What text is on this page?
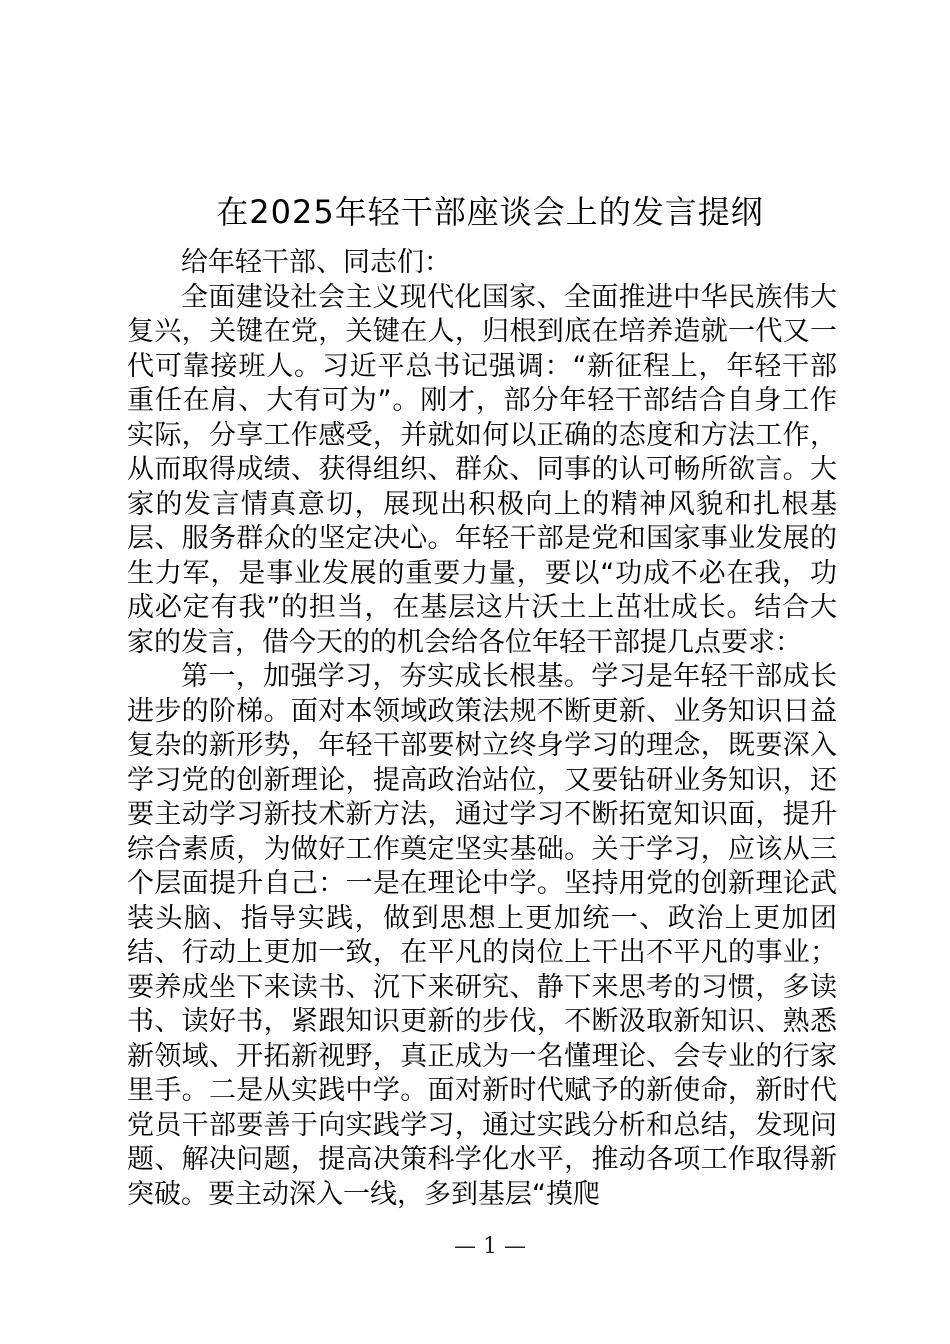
在2025年轻干部座谈会上的发言提纲

给年轻干部、同志们：

全面建设社会主义现代化国家、全面推进中华民族伟大复兴，关键在党，关键在人，归根到底在培养造就一代又一代可靠接班人。习近平总书记强调：“新征程上，年轻干部重任在肩、大有可为”。刚才，部分年轻干部结合自身工作实际，分享工作感受，并就如何以正确的态度和方法工作，从而取得成绩、获得组织、群众、同事的认可畅所欲言。大家的发言情真意切，展现出积极向上的精神风貌和扎根基层、服务群众的坚定决心。年轻干部是党和国家事业发展的生力军，是事业发展的重要力量，要以“功成不必在我，功成必定有我”的担当，在基层这片沃土上茁壮成长。结合大家的发言，借今天的的机会给各位年轻干部提几点要求：

第一，加强学习，夯实成长根基。学习是年轻干部成长进步的阶梯。面对本领域政策法规不断更新、业务知识日益复杂的新形势，年轻干部要树立终身学习的理念，既要深入学习党的创新理论，提高政治站位，又要钻研业务知识，还要主动学习新技术新方法，通过学习不断拓宽知识面，提升综合素质，为做好工作奠定坚实基础。关于学习，应该从三个层面提升自己：一是在理论中学。坚持用党的创新理论武装头脑、指导实践，做到思想上更加统一、政治上更加团结、行动上更加一致，在平凡的岗位上干出不平凡的事业；要养成坐下来读书、沉下来研究、静下来思考的习惯，多读书、读好书，紧跟知识更新的步伐，不断汲取新知识、熟悉新领域、开拓新视野，真正成为一名懂理论、会专业的行家里手。二是从实践中学。面对新时代赋予的新使命，新时代党员干部要善于向实践学习，通过实践分析和总结，发现问题、解决问题，提高决策科学化水平，推动各项工作取得新突破。要主动深入一线，多到基层“摸爬

— 1 —
